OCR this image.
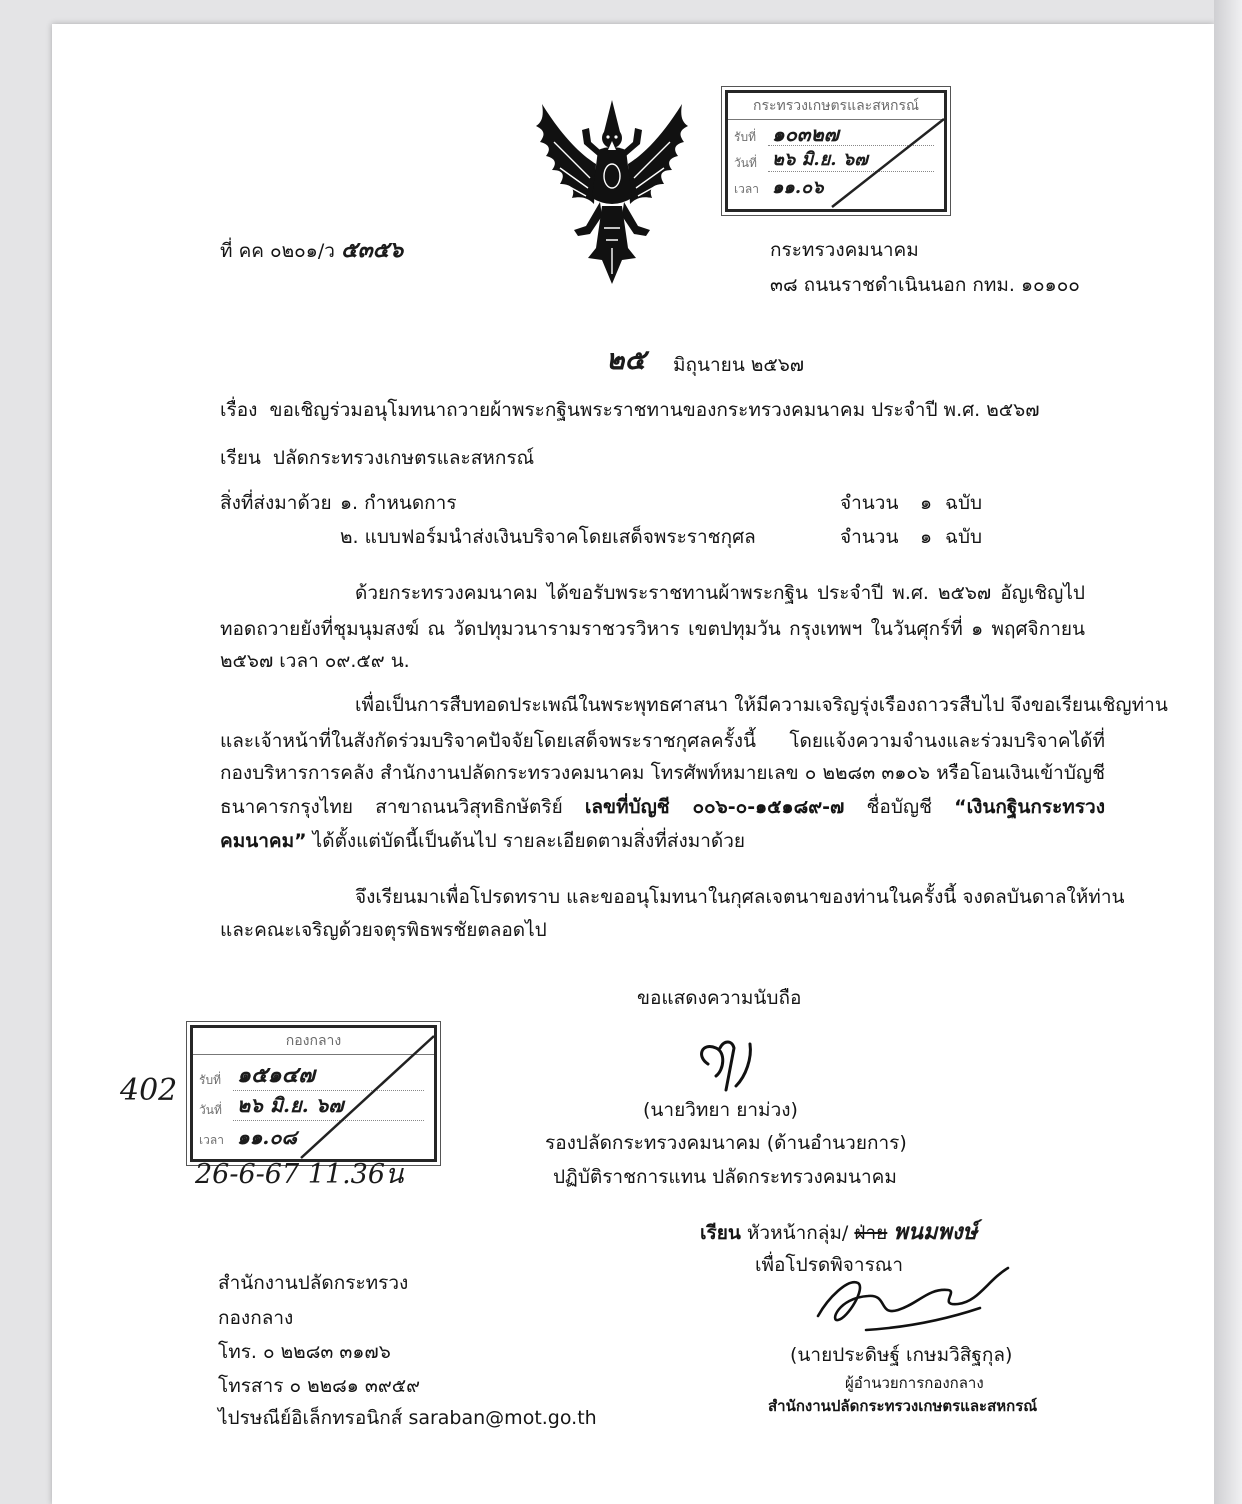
กระทรวงเกษตรและสหกรณ์
รับที่ ๑๐๓๒๗
วันที่ ๒๖ มิ.ย. ๖๗
เวลา ๑๑.๐๖
ที่ คค ๐๒๐๑/ว ๕๓๕๖	กระทรวงคมนาคม
๓๘ ถนนราชดำเนินนอก กทม. ๑๐๑๐๐
๒๕ มิถุนายน ๒๕๖๗
เรื่อง ขอเชิญร่วมอนุโมทนาถวายผ้าพระกฐินพระราชทานของกระทรวงคมนาคม ประจำปี พ.ศ. ๒๕๖๗
เรียน ปลัดกระทรวงเกษตรและสหกรณ์
สิ่งที่ส่งมาด้วย ๑. กำหนดการ	จำนวน ๑ ฉบับ
๒. แบบฟอร์มนำส่งเงินบริจาคโดยเสด็จพระราชกุศล	จำนวน ๑ ฉบับ
ด้วยกระทรวงคมนาคม ได้ขอรับพระราชทานผ้าพระกฐิน ประจำปี พ.ศ. ๒๕๖๗ อัญเชิญไป
ทอดถวายยังที่ชุมนุมสงฆ์ ณ วัดปทุมวนารามราชวรวิหาร เขตปทุมวัน กรุงเทพฯ ในวันศุกร์ที่ ๑ พฤศจิกายน
๒๕๖๗ เวลา ๐๙.๕๙ น.
เพื่อเป็นการสืบทอดประเพณีในพระพุทธศาสนา ให้มีความเจริญรุ่งเรืองถาวรสืบไป จึงขอเรียนเชิญท่าน
และเจ้าหน้าที่ในสังกัดร่วมบริจาคปัจจัยโดยเสด็จพระราชกุศลครั้งนี้ โดยแจ้งความจำนงและร่วมบริจาคได้ที่
กองบริหารการคลัง สำนักงานปลัดกระทรวงคมนาคม โทรศัพท์หมายเลข ๐ ๒๒๘๓ ๓๑๐๖ หรือโอนเงินเข้าบัญชี
ธนาคารกรุงไทย สาขาถนนวิสุทธิกษัตริย์ เลขที่บัญชี ๐๐๖-๐-๑๕๑๘๙-๗ ชื่อบัญชี “เงินกฐินกระทรวง
คมนาคม” ได้ตั้งแต่บัดนี้เป็นต้นไป รายละเอียดตามสิ่งที่ส่งมาด้วย
จึงเรียนมาเพื่อโปรดทราบ และขออนุโมทนาในกุศลเจตนาของท่านในครั้งนี้ จงดลบันดาลให้ท่าน
และคณะเจริญด้วยจตุรพิธพรชัยตลอดไป
ขอแสดงความนับถือ
(นายวิทยา ยาม่วง)
รองปลัดกระทรวงคมนาคม (ด้านอำนวยการ)
ปฏิบัติราชการแทน ปลัดกระทรวงคมนาคม
402
กองกลาง
รับที่ ๑๕๑๔๗
วันที่ ๒๖ มิ.ย. ๖๗
เวลา ๑๑.๐๘
26-6-67 11.36น
เรียน หัวหน้ากลุ่ม/ ฝ่าย พนมพงษ์
เพื่อโปรดพิจารณา
(นายประดิษฐ์ เกษมวิสิฐกุล)
ผู้อำนวยการกองกลาง
สำนักงานปลัดกระทรวงเกษตรและสหกรณ์
สำนักงานปลัดกระทรวง
กองกลาง
โทร. ๐ ๒๒๘๓ ๓๑๗๖
โทรสาร ๐ ๒๒๘๑ ๓๙๕๙
ไปรษณีย์อิเล็กทรอนิกส์ saraban@mot.go.th
